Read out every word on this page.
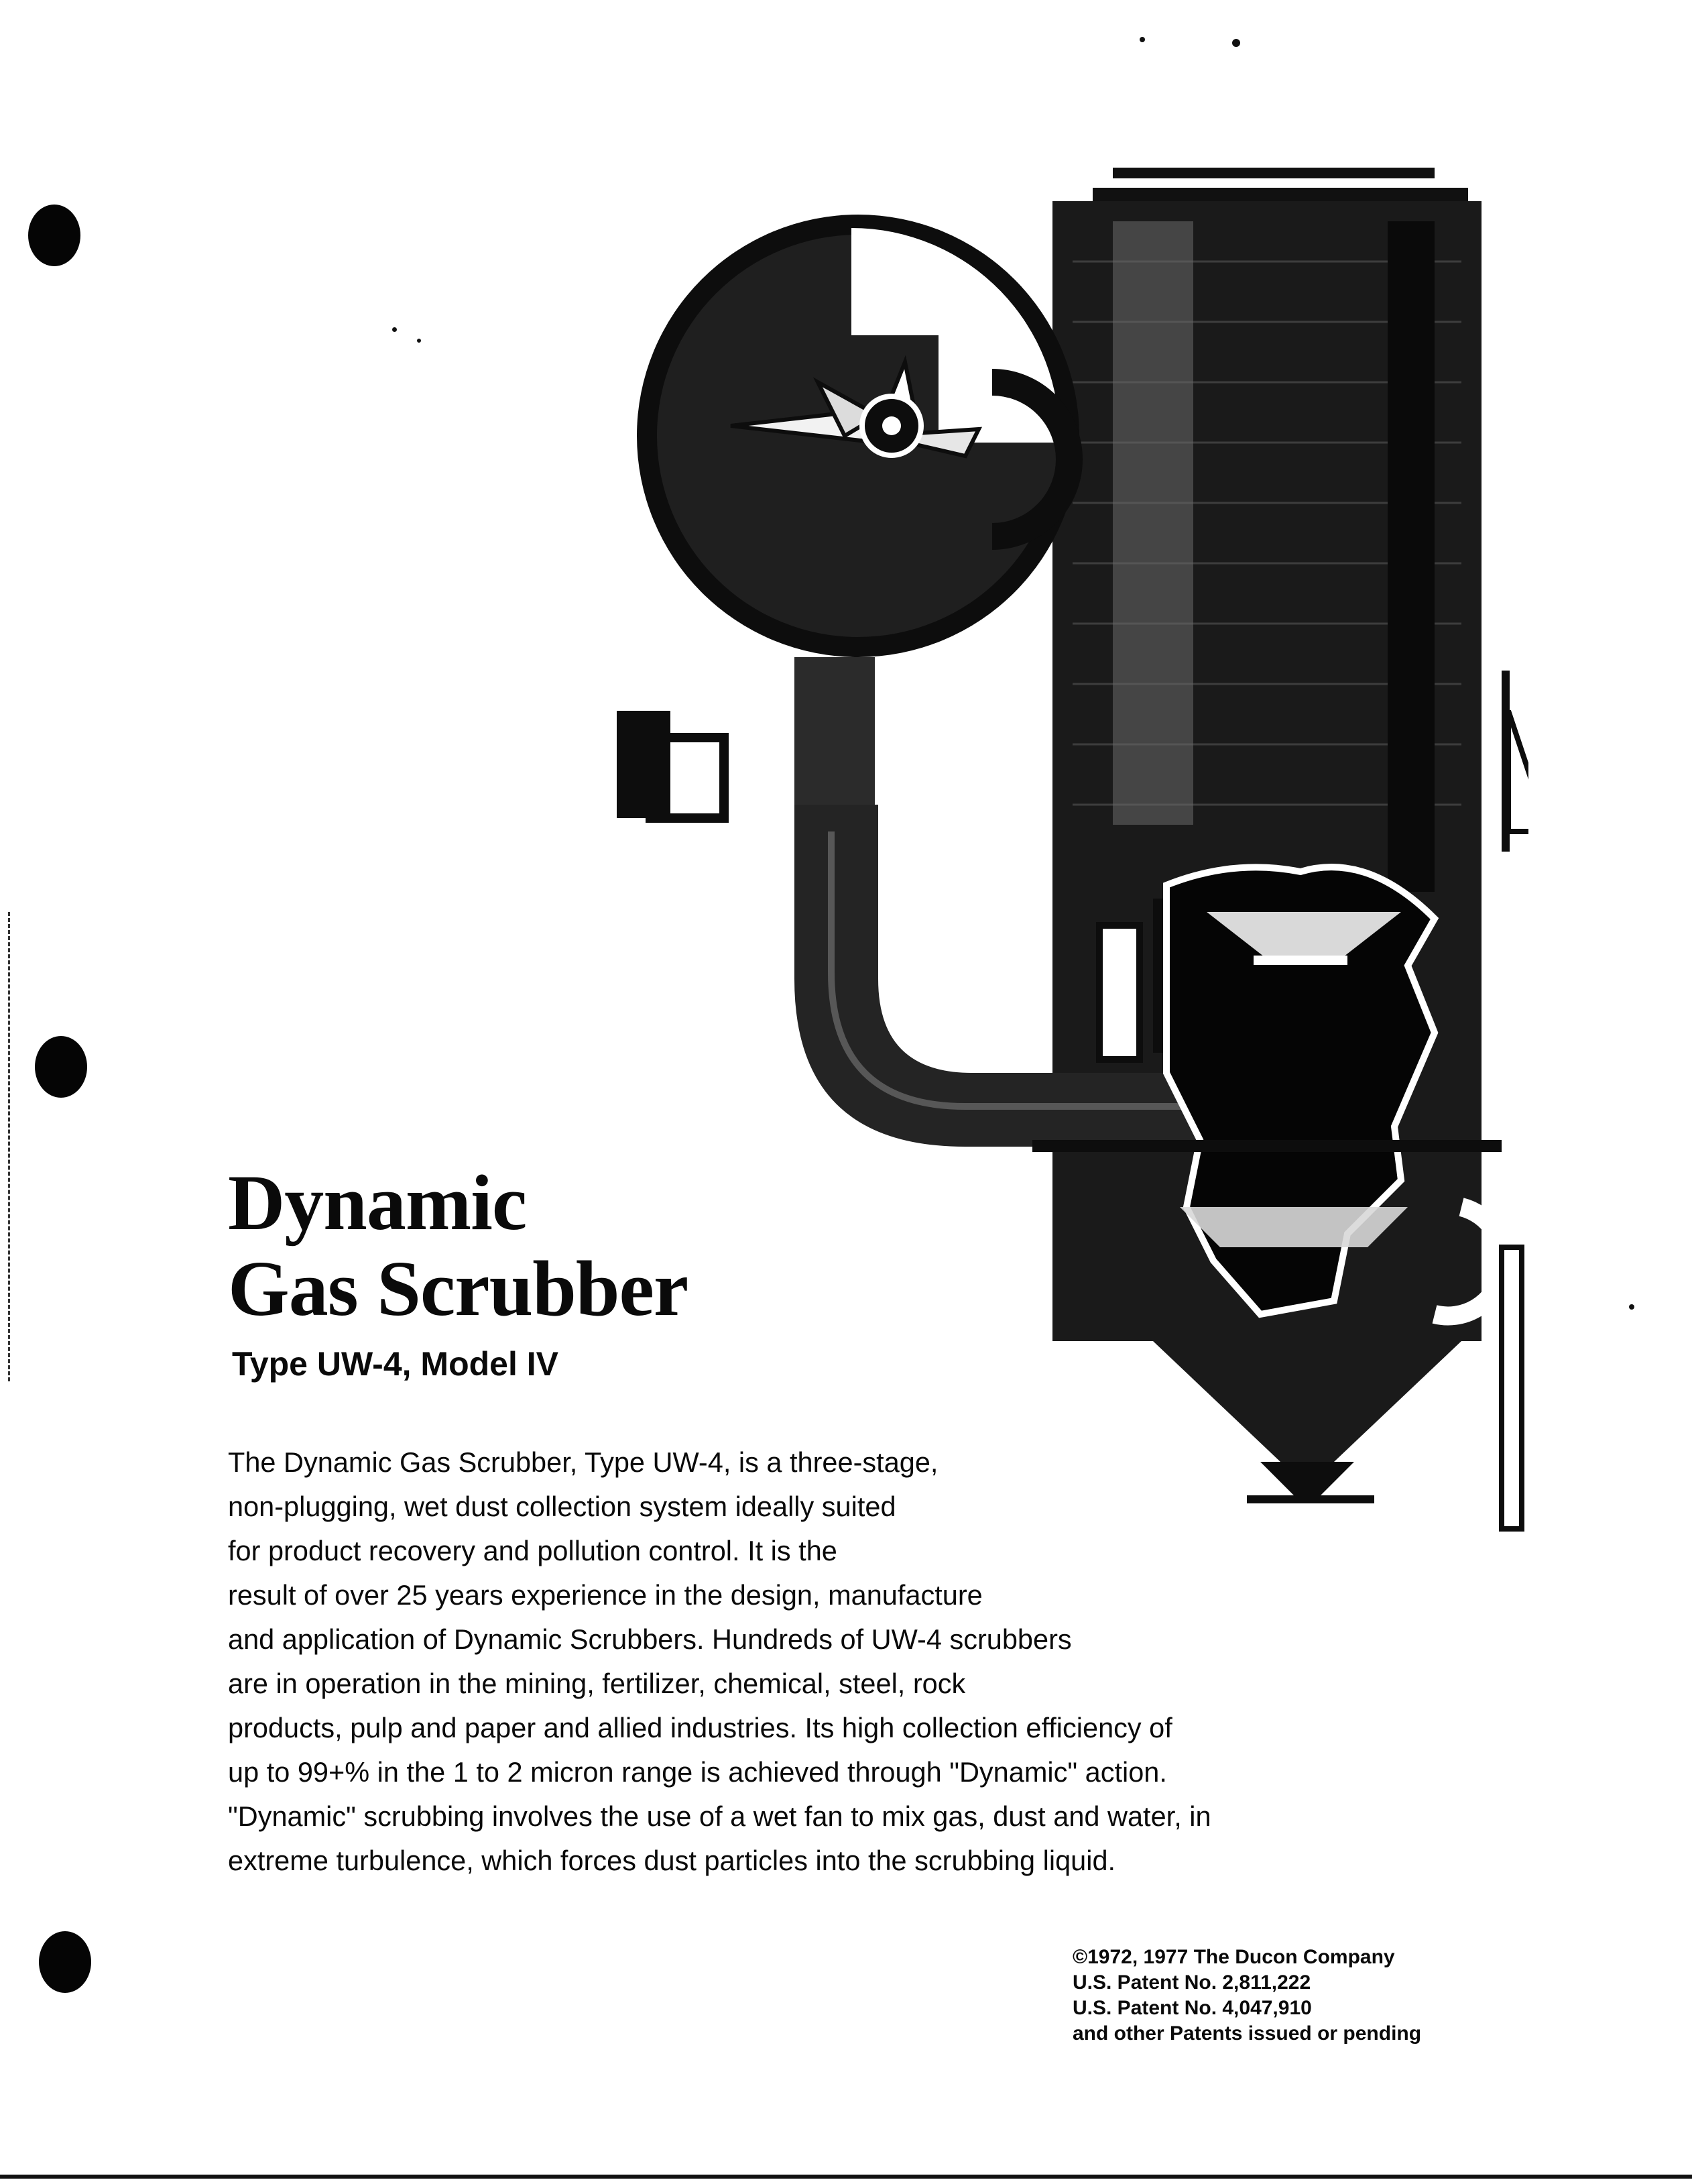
Dynamic
Gas Scrubber
Type UW-4, Model IV

The Dynamic Gas Scrubber, Type UW-4, is a three-stage,
non-plugging, wet dust collection system ideally suited
for product recovery and pollution control. It is the
result of over 25 years experience in the design, manufacture
and application of Dynamic Scrubbers. Hundreds of UW-4 scrubbers
are in operation in the mining, fertilizer, chemical, steel, rock
products, pulp and paper and allied industries. Its high collection efficiency of
up to 99+% in the 1 to 2 micron range is achieved through "Dynamic" action.
"Dynamic" scrubbing involves the use of a wet fan to mix gas, dust and water, in
extreme turbulence, which forces dust particles into the scrubbing liquid.

©1972, 1977 The Ducon Company
U.S. Patent No. 2,811,222
U.S. Patent No. 4,047,910
and other Patents issued or pending
